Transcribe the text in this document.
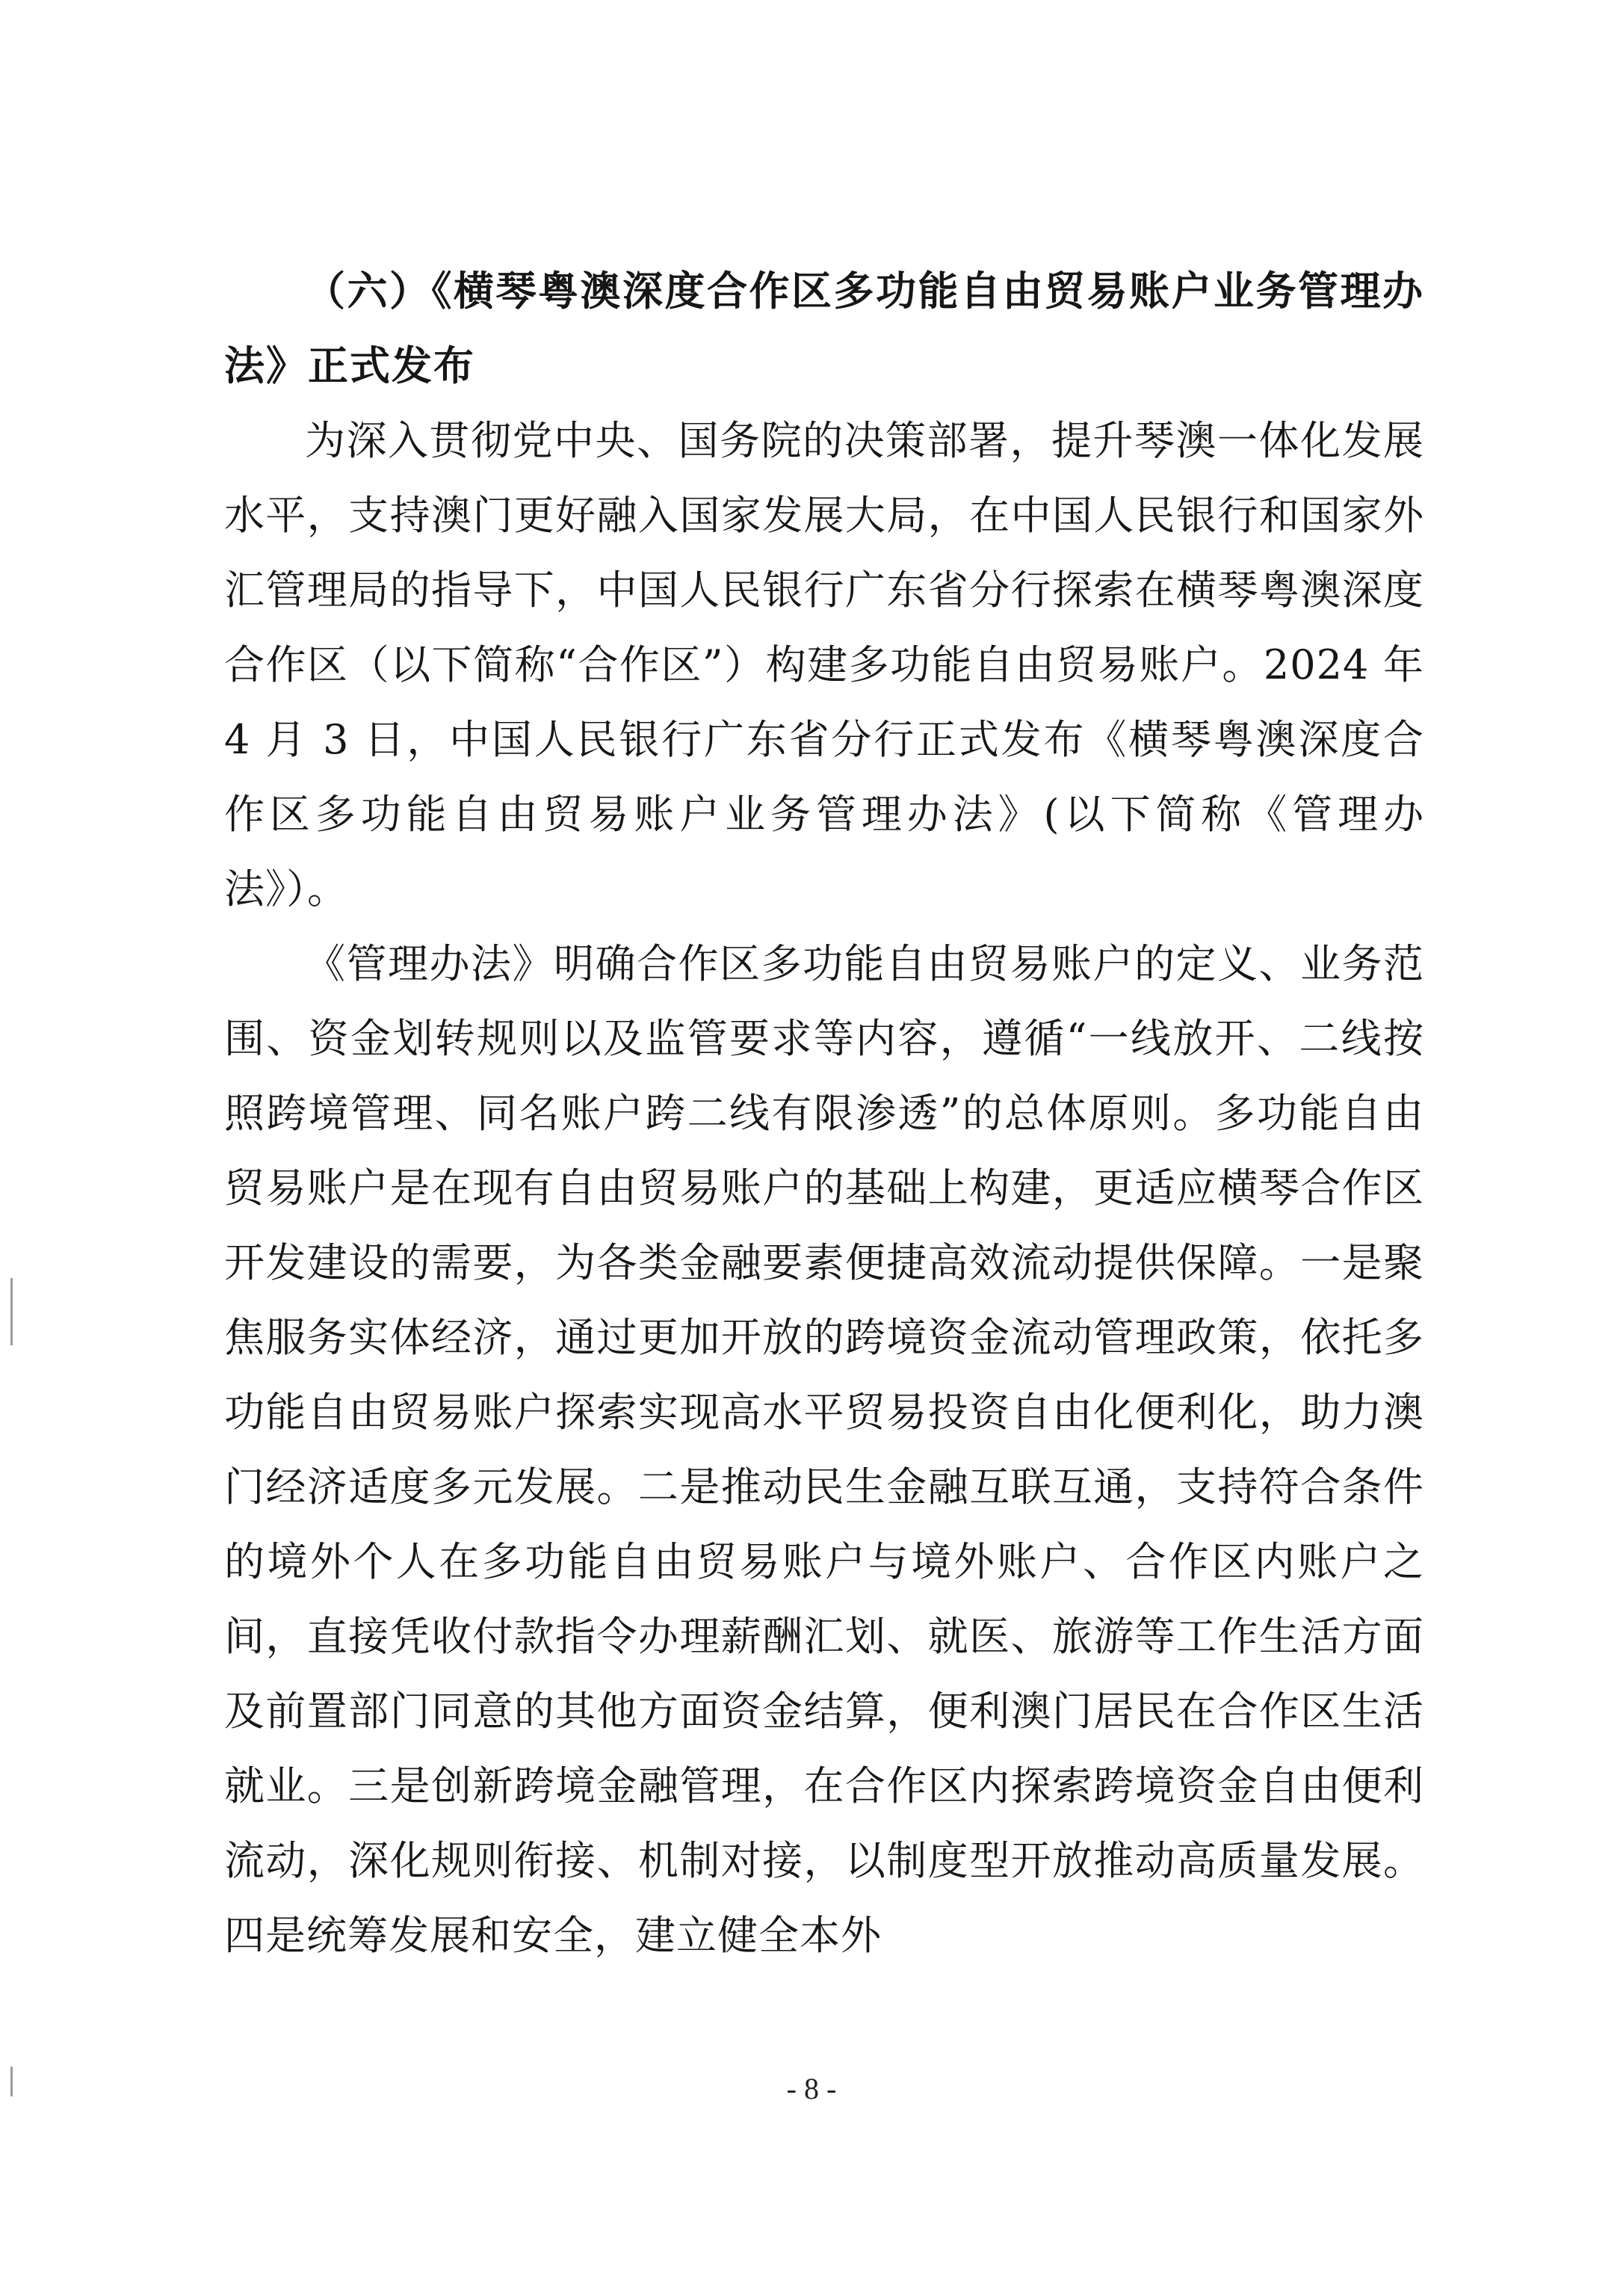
（六）《横琴粤澳深度合作区多功能自由贸易账户业务管理办法》正式发布

为深入贯彻党中央、国务院的决策部署，提升琴澳一体化发展水平，支持澳门更好融入国家发展大局，在中国人民银行和国家外汇管理局的指导下，中国人民银行广东省分行探索在横琴粤澳深度合作区（以下简称“合作区”）构建多功能自由贸易账户。2024 年 4 月 3 日，中国人民银行广东省分行正式发布《横琴粤澳深度合作区多功能自由贸易账户业务管理办法》(以下简称《管理办法》）。

《管理办法》明确合作区多功能自由贸易账户的定义、业务范围、资金划转规则以及监管要求等内容，遵循“一线放开、二线按照跨境管理、同名账户跨二线有限渗透”的总体原则。多功能自由贸易账户是在现有自由贸易账户的基础上构建，更适应横琴合作区开发建设的需要，为各类金融要素便捷高效流动提供保障。一是聚焦服务实体经济，通过更加开放的跨境资金流动管理政策，依托多功能自由贸易账户探索实现高水平贸易投资自由化便利化，助力澳门经济适度多元发展。二是推动民生金融互联互通，支持符合条件的境外个人在多功能自由贸易账户与境外账户、合作区内账户之间，直接凭收付款指令办理薪酬汇划、就医、旅游等工作生活方面及前置部门同意的其他方面资金结算，便利澳门居民在合作区生活就业。三是创新跨境金融管理，在合作区内探索跨境资金自由便利流动，深化规则衔接、机制对接，以制度型开放推动高质量发展。四是统筹发展和安全，建立健全本外

- 8 -
